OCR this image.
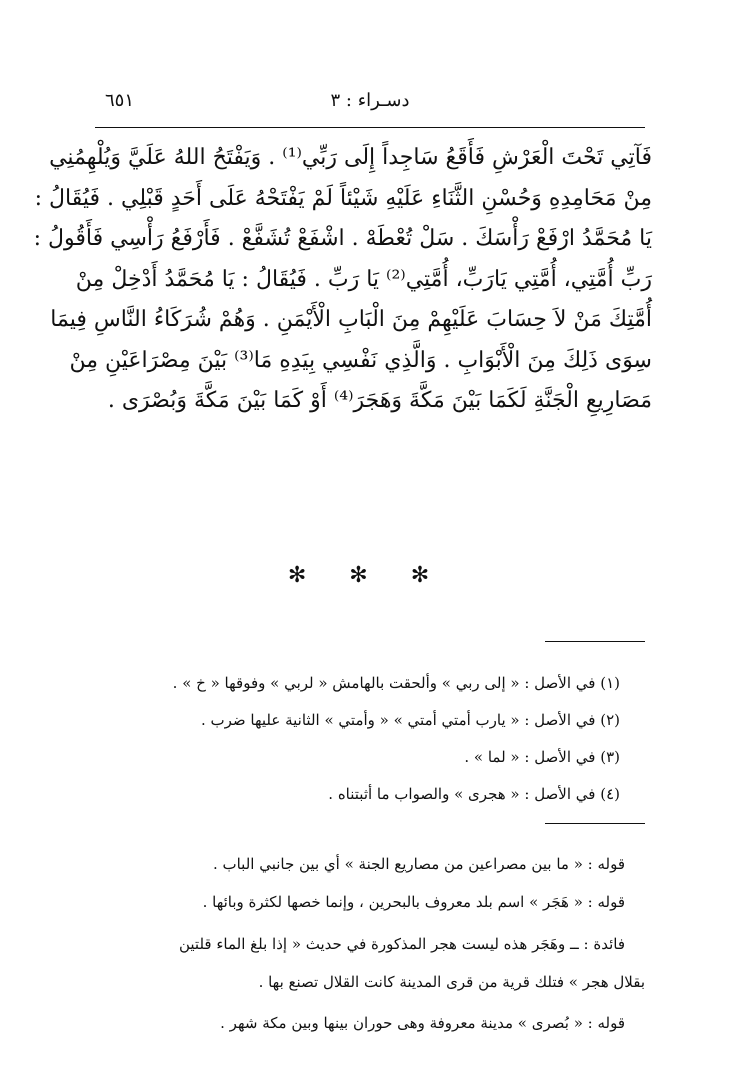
٦٥١	دسـراء : ٣
فَآتِي تَحْتَ الْعَرْشِ فَأَقَعُ سَاجِداً إِلَى رَبِّي⁽¹⁾ . وَيَفْتَحُ اللهُ عَلَيَّ وَيُلْهِمُنِي
مِنْ مَحَامِدِهِ وَحُسْنِ الثَّنَاءِ عَلَيْهِ شَيْئاً لَمْ يَفْتَحْهُ عَلَى أَحَدٍ قَبْلِي . فَيُقَالُ :
يَا مُحَمَّدُ ارْفَعْ رَأْسَكَ . سَلْ تُعْطَهْ . اشْفَعْ تُشَفَّعْ . فَأَرْفَعُ رَأْسِي فَأَقُولُ :
رَبِّ أُمَّتِي، أُمَّتِي يَارَبِّ، أُمَّتِي⁽²⁾ يَا رَبِّ . فَيُقَالُ : يَا مُحَمَّدُ أَدْخِلْ مِنْ
أُمَّتِكَ مَنْ لاَ حِسَابَ عَلَيْهِمْ مِنَ الْبَابِ الْأَيْمَنِ . وَهُمْ شُرَكَاءُ النَّاسِ فِيمَا
سِوَى ذَلِكَ مِنَ الْأَبْوَابِ . وَالَّذِي نَفْسِي بِيَدِهِ مَا⁽³⁾ بَيْنَ مِصْرَاعَيْنِ مِنْ
مَصَارِيعِ الْجَنَّةِ لَكَمَا بَيْنَ مَكَّةَ وَهَجَرَ⁽⁴⁾ أَوْ كَمَا بَيْنَ مَكَّةَ وَبُصْرَى .
✻ ✻ ✻
(١) في الأصل : « إلى ربي » وألحقت بالهامش « لربي » وفوقها « خ » .
(٢) في الأصل : « يارب أمتي أمتي » « وأمتي » الثانية عليها ضرب .
(٣) في الأصل : « لما » .
(٤) في الأصل : « هجرى » والصواب ما أثبتناه .
قوله : « ما بين مصراعين من مصاريع الجنة » أي بين جانبي الباب .
قوله : « هَجَر » اسم بلد معروف بالبحرين ، وإنما خصها لكثرة وبائها .
فائدة : ــ وهَجَر هذه ليست هجر المذكورة في حديث « إذا بلغ الماء قلتين
بقلال هجر » فتلك قرية من قرى المدينة كانت القلال تصنع بها .
قوله : « بُصرى » مدينة معروفة وهى حوران بينها وبين مكة شهر .
